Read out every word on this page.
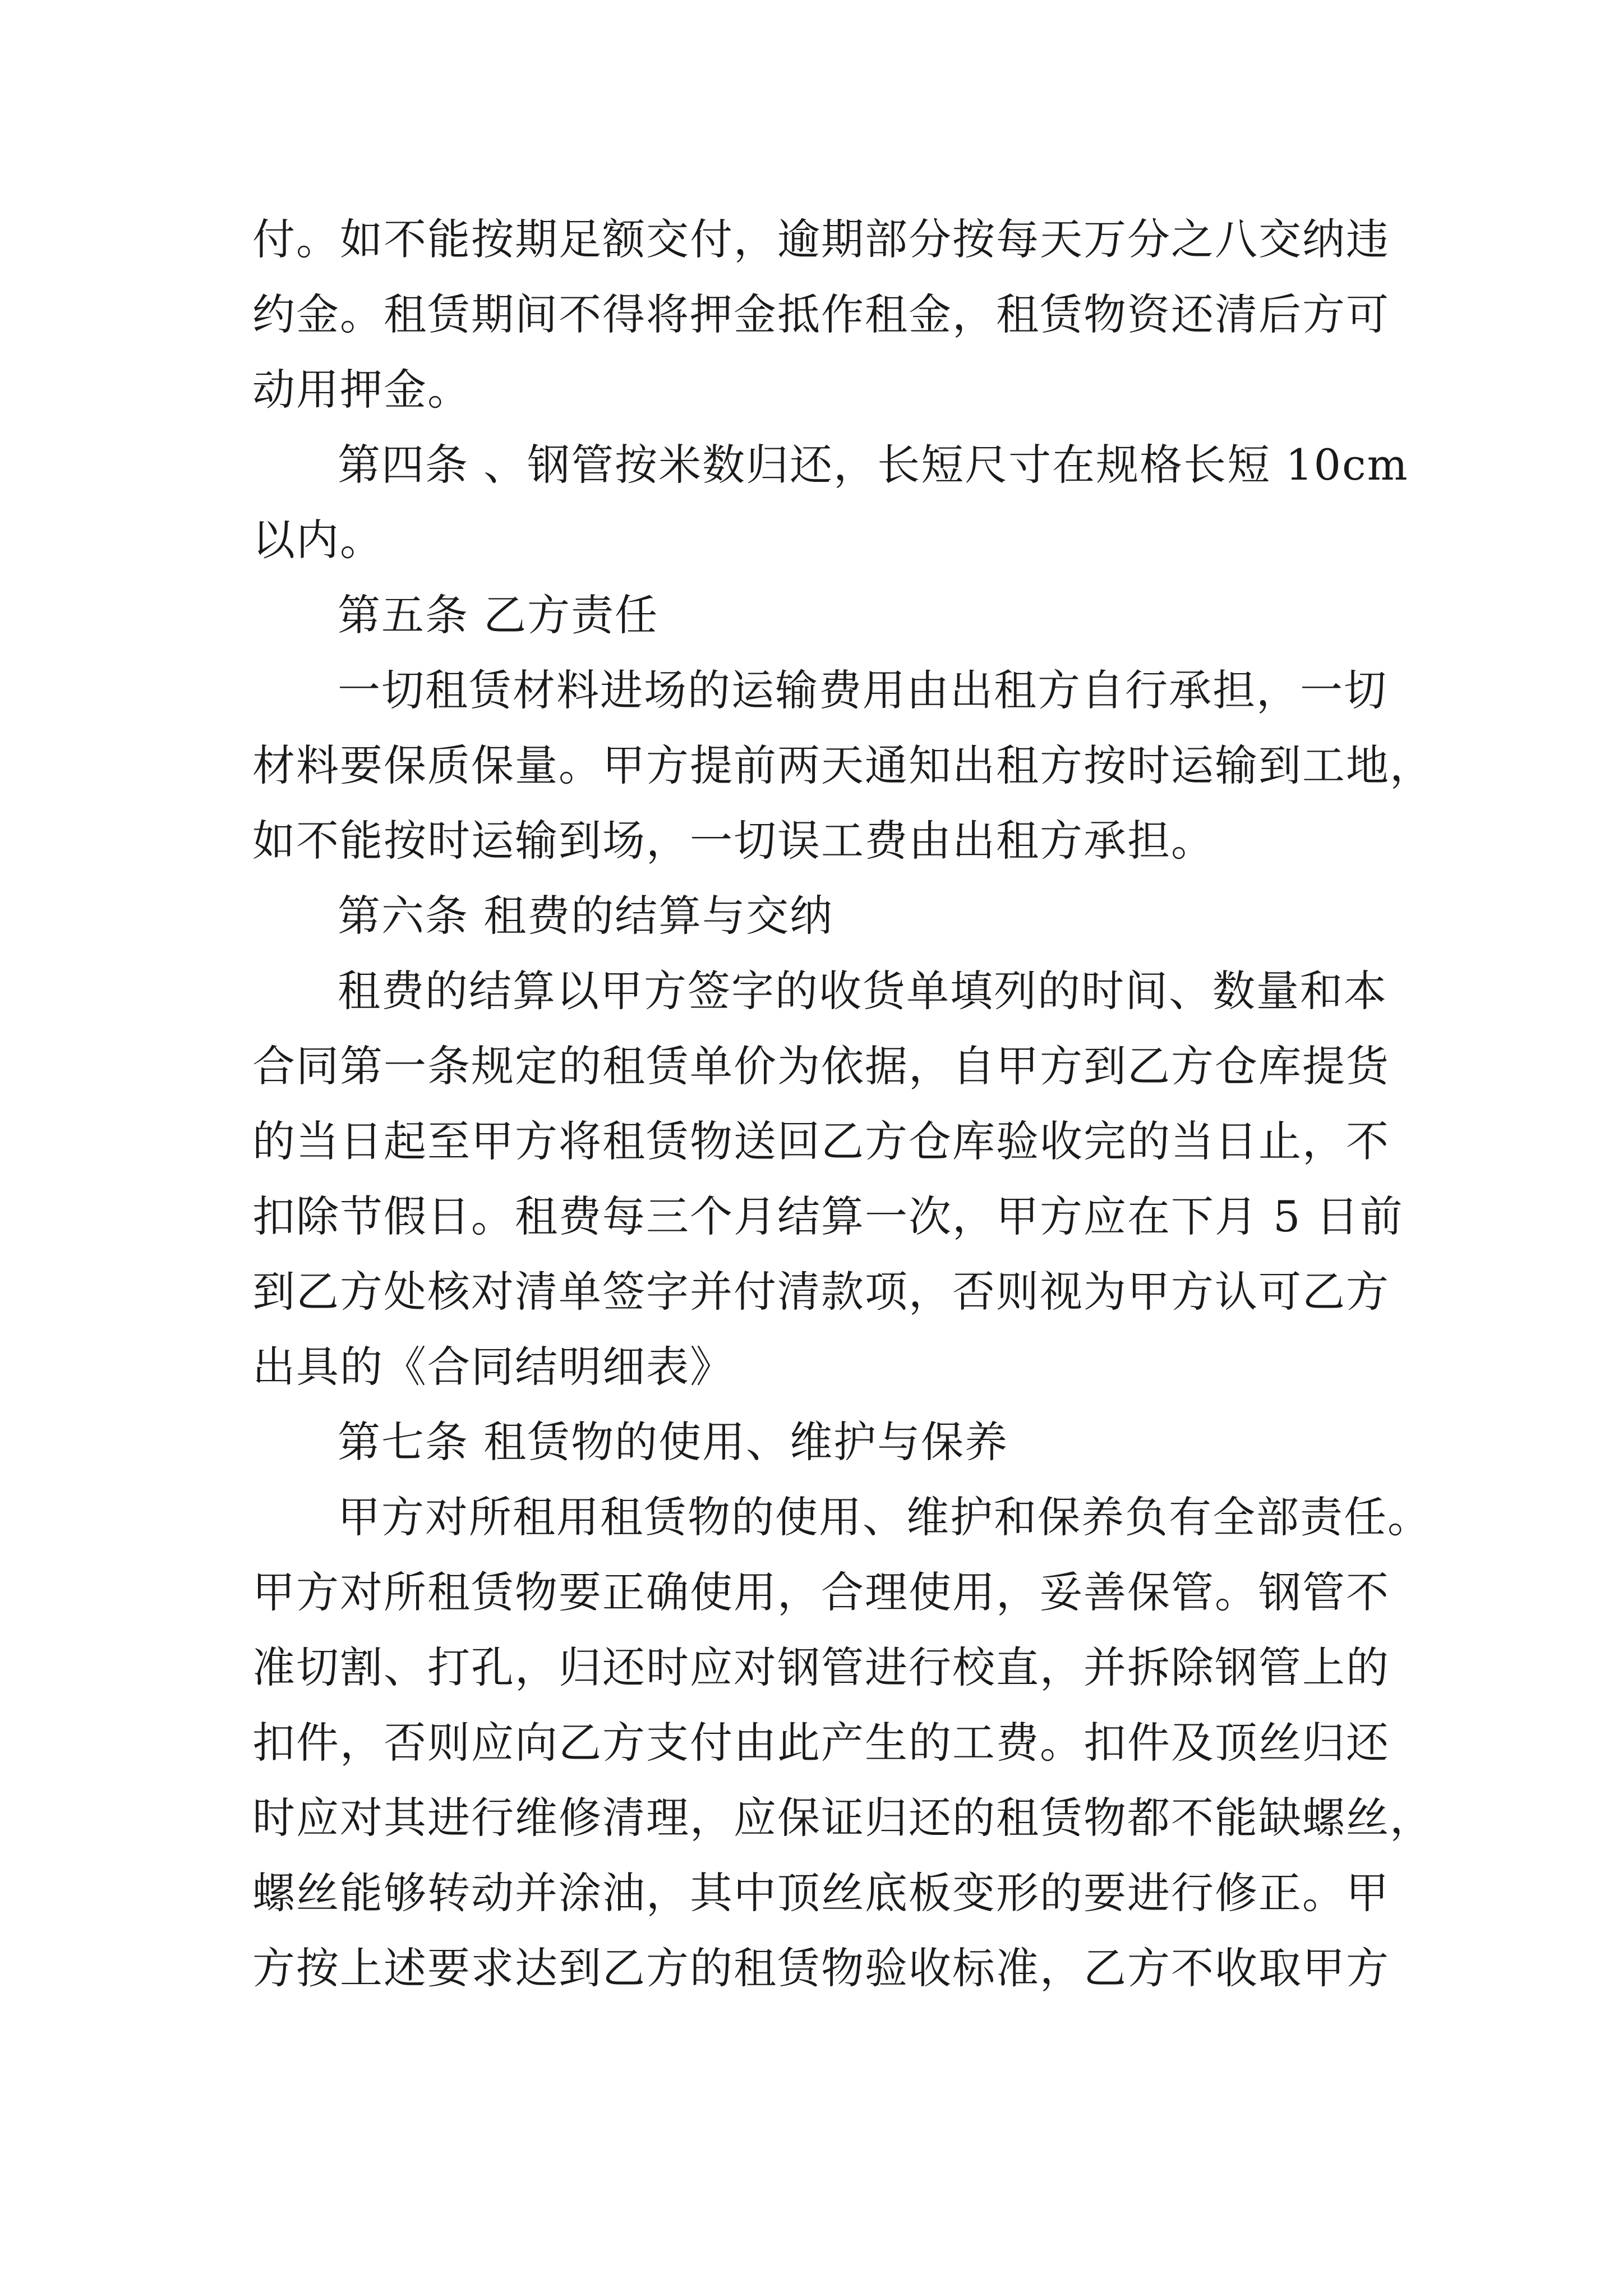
付。如不能按期足额交付，逾期部分按每天万分之八交纳违
约金。租赁期间不得将押金抵作租金，租赁物资还清后方可
动用押金。
第四条 、钢管按米数归还，长短尺寸在规格长短 10cm
以内。
第五条 乙方责任
一切租赁材料进场的运输费用由出租方自行承担，一切
材料要保质保量。甲方提前两天通知出租方按时运输到工地，
如不能按时运输到场，一切误工费由出租方承担。
第六条 租费的结算与交纳
租费的结算以甲方签字的收货单填列的时间、数量和本
合同第一条规定的租赁单价为依据，自甲方到乙方仓库提货
的当日起至甲方将租赁物送回乙方仓库验收完的当日止，不
扣除节假日。租费每三个月结算一次，甲方应在下月 5 日前
到乙方处核对清单签字并付清款项，否则视为甲方认可乙方
出具的《合同结明细表》
第七条 租赁物的使用、维护与保养
甲方对所租用租赁物的使用、维护和保养负有全部责任。
甲方对所租赁物要正确使用，合理使用，妥善保管。钢管不
准切割、打孔，归还时应对钢管进行校直，并拆除钢管上的
扣件，否则应向乙方支付由此产生的工费。扣件及顶丝归还
时应对其进行维修清理，应保证归还的租赁物都不能缺螺丝，
螺丝能够转动并涂油，其中顶丝底板变形的要进行修正。甲
方按上述要求达到乙方的租赁物验收标准，乙方不收取甲方
